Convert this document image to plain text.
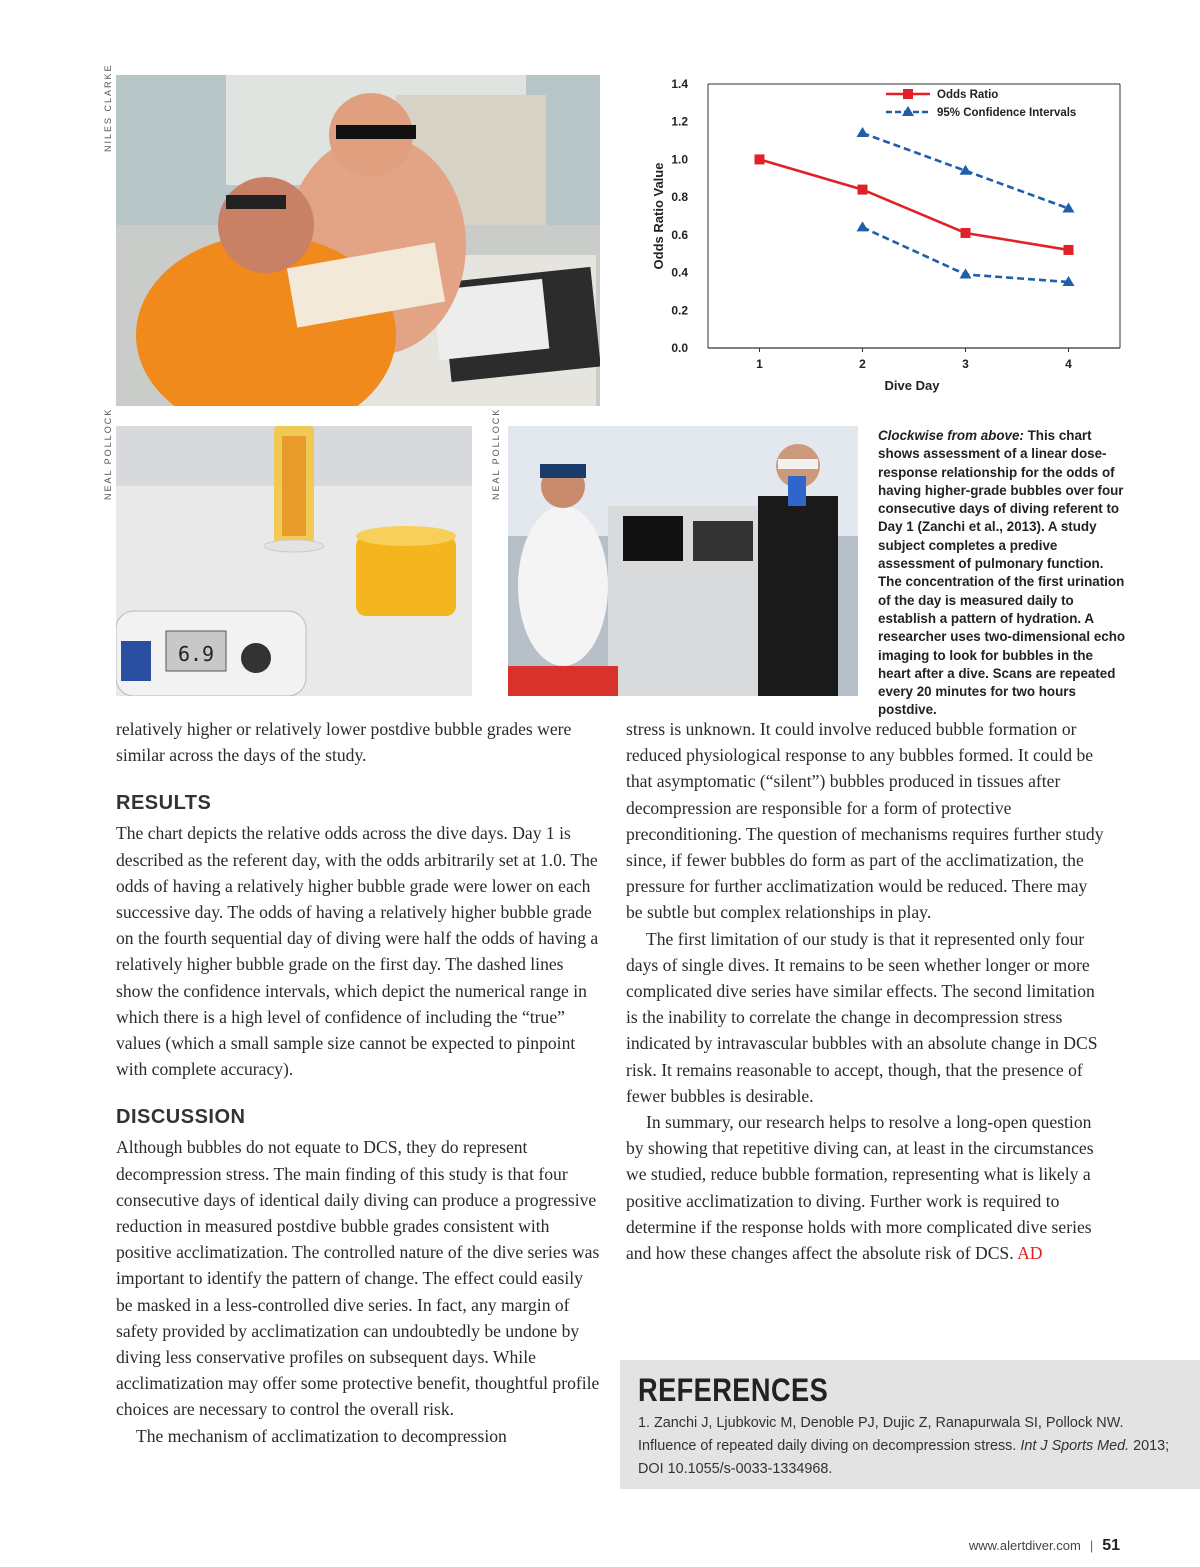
NILES CLARKE
NEAL POLLOCK	NEAL POLLOCK
0.0
0.2
0.4
0.6
0.8
1.0
1.2
1.4
1	2	3	4
Dive Day
Odds Ratio Value
Odds Ratio
95% Confidence Intervals
6.9
Clockwise from above: This chart shows assessment of a linear dose-response relationship for the odds of having higher-grade bubbles over four consecutive days of diving referent to Day 1 (Zanchi et al., 2013). A study subject completes a predive assessment of pulmonary function. The concentration of the first urination of the day is measured daily to establish a pattern of hydration. A researcher uses two-dimensional echo imaging to look for bubbles in the heart after a dive. Scans are repeated every 20 minutes for two hours postdive.

relatively higher or relatively lower postdive bubble grades were similar across the days of the study.

RESULTS

The chart depicts the relative odds across the dive days. Day 1 is described as the referent day, with the odds arbitrarily set at 1.0. The odds of having a relatively higher bubble grade were lower on each successive day. The odds of having a relatively higher bubble grade on the fourth sequential day of diving were half the odds of having a relatively higher bubble grade on the first day. The dashed lines show the confidence intervals, which depict the numerical range in which there is a high level of confidence of including the “true” values (which a small sample size cannot be expected to pinpoint with complete accuracy).

DISCUSSION

Although bubbles do not equate to DCS, they do represent decompression stress. The main finding of this study is that four consecutive days of identical daily diving can produce a progressive reduction in measured postdive bubble grades consistent with positive acclimatization. The controlled nature of the dive series was important to identify the pattern of change. The effect could easily be masked in a less-controlled dive series. In fact, any margin of safety provided by acclimatization can undoubtedly be undone by diving less conservative profiles on subsequent days. While acclimatization may offer some protective benefit, thoughtful profile choices are necessary to control the overall risk.

The mechanism of acclimatization to decompression

stress is unknown. It could involve reduced bubble formation or reduced physiological response to any bubbles formed. It could be that asymptomatic (“silent”) bubbles produced in tissues after decompression are responsible for a form of protective preconditioning. The question of mechanisms requires further study since, if fewer bubbles do form as part of the acclimatization, the pressure for further acclimatization would be reduced. There may be subtle but complex relationships in play.

The first limitation of our study is that it represented only four days of single dives. It remains to be seen whether longer or more complicated dive series have similar effects. The second limitation is the inability to correlate the change in decompression stress indicated by intravascular bubbles with an absolute change in DCS risk. It remains reasonable to accept, though, that the presence of fewer bubbles is desirable.

In summary, our research helps to resolve a long-open question by showing that repetitive diving can, at least in the circumstances we studied, reduce bubble formation, representing what is likely a positive acclimatization to diving. Further work is required to determine if the response holds with more complicated dive series and how these changes affect the absolute risk of DCS. AD

REFERENCES

1. Zanchi J, Ljubkovic M, Denoble PJ, Dujic Z, Ranapurwala SI, Pollock NW. Influence of repeated daily diving on decompression stress. Int J Sports Med. 2013; DOI 10.1055/s-0033-1334968.

www.alertdiver.com | 51
